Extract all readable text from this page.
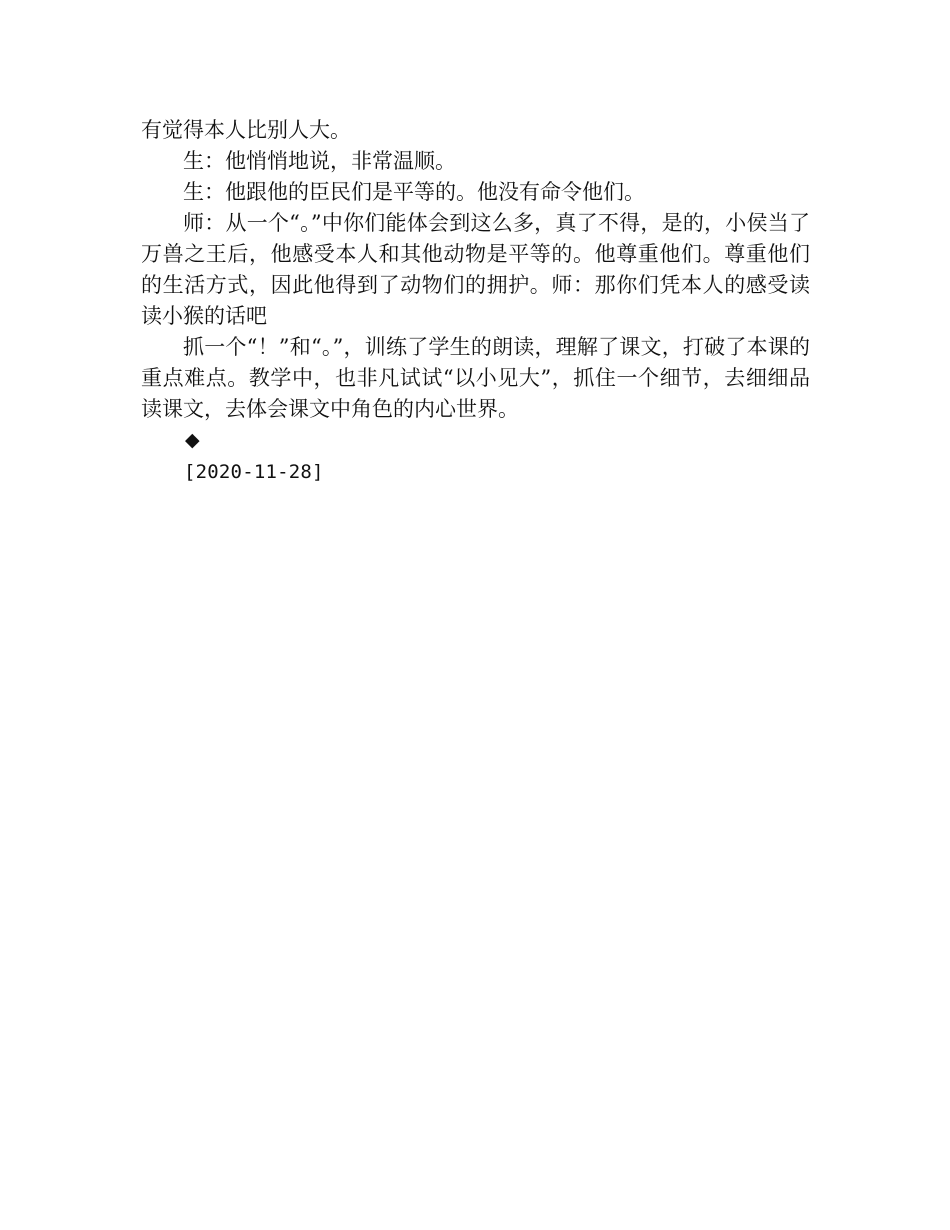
有觉得本人比别人大。

生：他悄悄地说，非常温顺。

生：他跟他的臣民们是平等的。他没有命令他们。

师：从一个“。”中你们能体会到这么多，真了不得，是的，小侯当了万兽之王后，他感受本人和其他动物是平等的。他尊重他们。尊重他们的生活方式，因此他得到了动物们的拥护。师：那你们凭本人的感受读读小猴的话吧

抓一个“！”和“。”，训练了学生的朗读，理解了课文，打破了本课的重点难点。教学中，也非凡试试“以小见大”，抓住一个细节，去细细品读课文，去体会课文中角色的内心世界。

◆

[2020-11-28]
